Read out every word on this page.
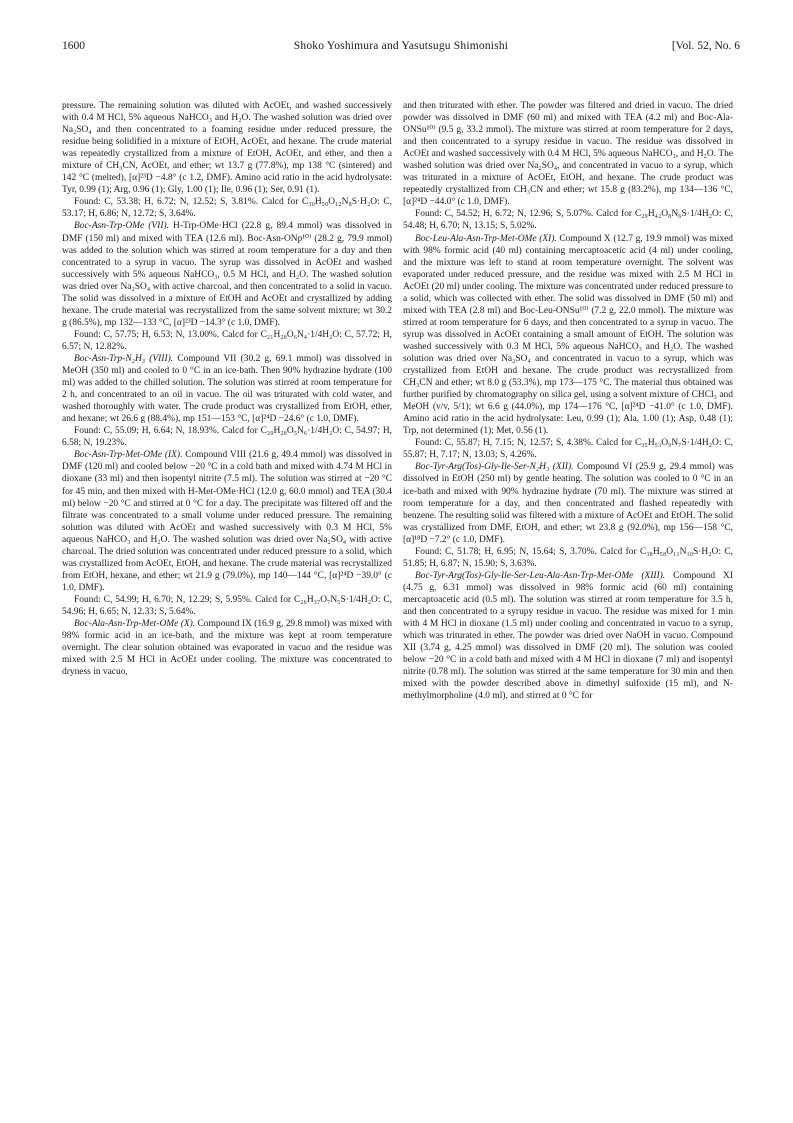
1600	Shoko Yoshimura and Yasutsugu Shimonishi	[Vol. 52, No. 6

pressure. The remaining solution was diluted with AcOEt, and washed successively with 0.4 M HCl, 5% aqueous NaHCO₃ and H₂O. The washed solution was dried over Na₂SO₄ and then concentrated to a foaming residue under reduced pressure, the residue being solidified in a mixture of EtOH, AcOEt, and hexane. The crude material was repeatedly crystallized from a mixture of EtOH, AcOEt, and ether, and then a mixture of CH₃CN, AcOEt, and ether; wt 13.7 g (77.8%), mp 138 °C (sintered) and 142 °C (melted), [α]²³D −4.8° (c 1.2, DMF). Amino acid ratio in the acid hydrolysate: Tyr, 0.99 (1); Arg, 0.96 (1); Gly, 1.00 (1); Ile, 0.96 (1); Ser, 0.91 (1).

Found: C, 53.38; H, 6.72; N, 12.52; S, 3.81%. Calcd for C₃₀H₅₀O₁₂N₈S·H₂O: C, 53.17; H, 6.86; N, 12.72; S, 3.64%.

Boc-Asn-Trp-OMe (VII). H-Trp-OMe·HCl (22.8 g, 89.4 mmol) was dissolved in DMF (150 ml) and mixed with TEA (12.6 ml). Boc-Asn-ONp¹⁰⁾ (28.2 g, 79.9 mmol) was added to the solution which was stirred at room temperature for a day and then concentrated to a syrup in vacuo. The syrup was dissolved in AcOEt and washed successively with 5% aqueous NaHCO₃, 0.5 M HCl, and H₂O. The washed solution was dried over Na₂SO₄ with active charcoal, and then concentrated to a solid in vacuo. The solid was dissolved in a mixture of EtOH and AcOEt and crystallized by adding hexane. The crude material was recrystallized from the same solvent mixture; wt 30.2 g (86.5%), mp 132—133 °C, [α]²³D −14.3° (c 1.0, DMF).

Found: C, 57.75; H, 6.53; N, 13.00%. Calcd for C₂₁H₂₈O₆N₄·1/4H₂O: C, 57.72; H, 6.57; N, 12.82%.

Boc-Asn-Trp-N₂H₃ (VIII). Compound VII (30.2 g, 69.1 mmol) was dissolved in MeOH (350 ml) and cooled to 0 °C in an ice-bath. Then 90% hydrazine hydrate (100 ml) was added to the chilled solution. The solution was stirred at room temperature for 2 h, and concentrated to an oil in vacuo. The oil was triturated with cold water, and washed thoroughly with water. The crude product was crystallized from EtOH, ether, and hexane; wt 26.6 g (88.4%), mp 151—153 °C, [α]²⁴D −24.6° (c 1.0, DMF).

Found: C, 55.09; H, 6.64; N, 18.93%. Calcd for C₂₀H₂₈O₅N₆·1/4H₂O: C, 54.97; H, 6.58; N, 19.23%.

Boc-Asn-Trp-Met-OMe (IX). Compound VIII (21.6 g, 49.4 mmol) was dissolved in DMF (120 ml) and cooled below −20 °C in a cold bath and mixed with 4.74 M HCl in dioxane (33 ml) and then isopentyl nitrite (7.5 ml). The solution was stirred at −20 °C for 45 min, and then mixed with H-Met-OMe·HCl (12.0 g, 60.0 mmol) and TEA (30.4 ml) below −20 °C and stirred at 0 °C for a day. The precipitate was filtered off and the filtrate was concentrated to a small volume under reduced pressure. The remaining solution was diluted with AcOEt and washed successively with 0.3 M HCl, 5% aqueous NaHCO₃ and H₂O. The washed solution was dried over Na₂SO₄ with active charcoal. The dried solution was concentrated under reduced pressure to a solid, which was crystallized from AcOEt, EtOH, and hexane. The crude material was recrystallized from EtOH, hexane, and ether; wt 21.9 g (79.0%), mp 140—144 °C, [α]²⁴D −39.0° (c 1.0, DMF).

Found: C, 54.99; H, 6.70; N, 12.29; S, 5.95%. Calcd for C₂₆H₃₇O₇N₅S·1/4H₂O: C, 54.96; H, 6.65; N, 12.33; S, 5.64%.

Boc-Ala-Asn-Trp-Met-OMe (X). Compound IX (16.9 g, 29.8 mmol) was mixed with 98% formic acid in an ice-bath, and the mixture was kept at room temperature overnight. The clear solution obtained was evaporated in vacuo and the residue was mixed with 2.5 M HCl in AcOEt under cooling. The mixture was concentrated to dryness in vacuo,

and then triturated with ether. The powder was filtered and dried in vacuo. The dried powder was dissolved in DMF (60 ml) and mixed with TEA (4.2 ml) and Boc-Ala-ONSu¹⁰⁾ (9.5 g, 33.2 mmol). The mixture was stirred at room temperature for 2 days, and then concentrated to a syrupy residue in vacuo. The residue was dissolved in AcOEt and washed successively with 0.4 M HCl, 5% aqueous NaHCO₃, and H₂O. The washed solution was dried over Na₂SO₄, and concentrated in vacuo to a syrup, which was triturated in a mixture of AcOEt, EtOH, and hexane. The crude product was repeatedly crystallized from CH₃CN and ether; wt 15.8 g (83.2%), mp 134—136 °C, [α]²⁴D −44.0° (c 1.0, DMF).

Found: C, 54.52; H, 6.72; N, 12.96; S, 5.07%. Calcd for C₂₉H₄₂O₈N₆S·1/4H₂O: C, 54.48; H, 6.70; N, 13.15; S, 5.02%.

Boc-Leu-Ala-Asn-Trp-Met-OMe (XI). Compound X (12.7 g, 19.9 mmol) was mixed with 98% formic acid (40 ml) containing mercaptoacetic acid (4 ml) under cooling, and the mixture was left to stand at room temperature overnight. The solvent was evaporated under reduced pressure, and the residue was mixed with 2.5 M HCl in AcOEt (20 ml) under cooling. The mixture was concentrated under reduced pressure to a solid, which was collected with ether. The solid was dissolved in DMF (50 ml) and mixed with TEA (2.8 ml) and Boc-Leu-ONSu¹⁰⁾ (7.2 g, 22.0 mmol). The mixture was stirred at room temperature for 6 days, and then concentrated to a syrup in vacuo. The syrup was dissolved in AcOEt containing a small amount of EtOH. The solution was washed successively with 0.3 M HCl, 5% aqueous NaHCO₃ and H₂O. The washed solution was dried over Na₂SO₄ and concentrated in vacuo to a syrup, which was crystallized from EtOH and hexane. The crude product was recrystallized from CH₃CN and ether; wt 8.0 g (53.3%), mp 173—175 °C. The material thus obtained was further purified by chromatography on silica gel, using a solvent mixture of CHCl₃ and MeOH (v/v, 5/1); wt 6.6 g (44.0%), mp 174—176 °C, [α]²⁴D −41.0° (c 1.0, DMF). Amino acid ratio in the acid hydrolysate: Leu, 0.99 (1); Ala, 1.00 (1); Asp, 0.48 (1); Trp, not determined (1); Met, 0.56 (1).

Found: C, 55.87; H, 7.15; N, 12.57; S, 4.38%. Calcd for C₃₅H₅₃O₉N₇S·1/4H₂O: C, 55.87; H, 7.17; N, 13.03; S, 4.26%.

Boc-Tyr-Arg(Tos)-Gly-Ile-Ser-N₂H₃ (XII). Compound VI (25.9 g, 29.4 mmol) was dissolved in EtOH (250 ml) by gentle heating. The solution was cooled to 0 °C in an ice-bath and mixed with 90% hydrazine hydrate (70 ml). The mixture was stirred at room temperature for a day, and then concentrated and flashed repeatedly with benzene. The resulting solid was filtered with a mixture of AcOEt and EtOH. The solid was crystallized from DMF, EtOH, and ether; wt 23.8 g (92.0%), mp 156—158 °C, [α]¹⁸D −7.2° (c 1.0, DMF).

Found: C, 51.78; H, 6.95; N, 15.64; S, 3.70%. Calcd for C₃₈H₅₈O₁₁N₁₀S·H₂O: C, 51.85; H, 6.87; N, 15.90; S, 3.63%.

Boc-Tyr-Arg(Tos)-Gly-Ile-Ser-Leu-Ala-Asn-Trp-Met-OMe (XIII). Compound XI (4.75 g, 6.31 mmol) was dissolved in 98% formic acid (60 ml) containing mercaptoacetic acid (0.5 ml). The solution was stirred at room temperature for 3.5 h, and then concentrated to a syrupy residue in vacuo. The residue was mixed for 1 min with 4 M HCl in dioxane (1.5 ml) under cooling and concentrated in vacuo to a syrup, which was triturated in ether. The powder was dried over NaOH in vacuo. Compound XII (3.74 g, 4.25 mmol) was dissolved in DMF (20 ml). The solution was cooled below −20 °C in a cold bath and mixed with 4 M HCl in dioxane (7 ml) and isopentyl nitrite (0.78 ml). The solution was stirred at the same temperature for 30 min and then mixed with the powder described above in dimethyl sulfoxide (15 ml), and N-methylmorpholine (4.0 ml), and stirred at 0 °C for
